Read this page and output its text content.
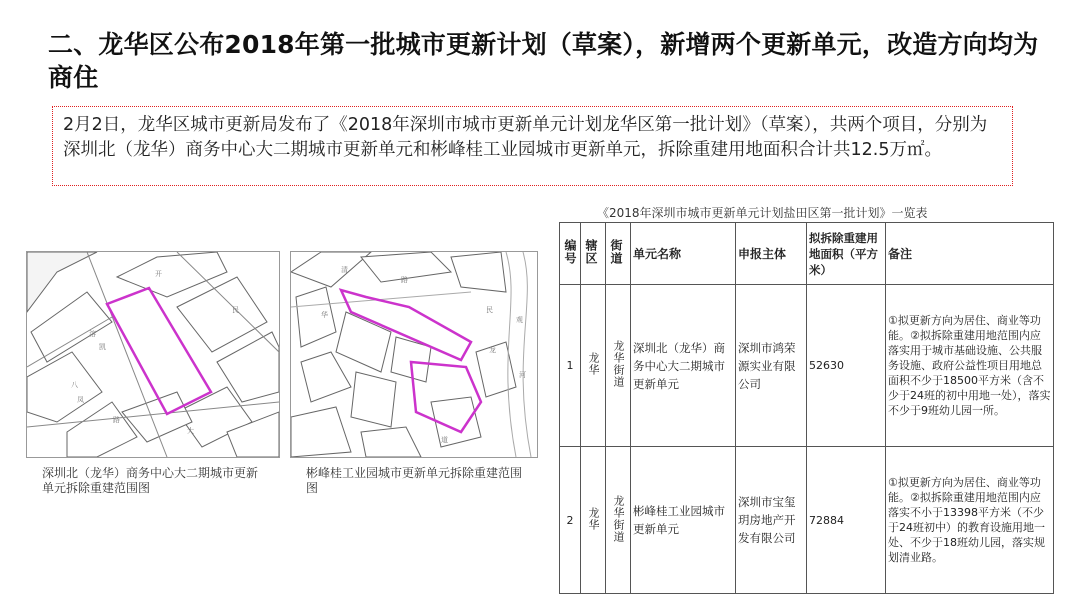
二、龙华区公布2018年第一批城市更新计划（草案），新增两个更新单元，改造方向均为商住
2月2日，龙华区城市更新局发布了《2018年深圳市城市更新单元计划龙华区第一批计划》（草案），共两个项目，分别为深圳北（龙华）商务中心大二期城市更新单元和彬峰桂工业园城市更新单元，拆除重建用地面积合计共12.5万㎡。
溶
凯
开
民
八
凤
路
大
深圳北（龙华）商务中心大二期城市更新单元拆除重建范围图
清
路
民
龙
观
河
华
道
彬峰桂工业园城市更新单元拆除重建范围图
《2018年深圳市城市更新单元计划盐田区第一批计划》一览表
编号	辖区	街道	单元名称	申报主体	拟拆除重建用地面积（平方米）	备注
1	龙华	龙华街道	深圳北（龙华）商务中心大二期城市更新单元	深圳市鸿荣源实业有限公司	52630	①拟更新方向为居住、商业等功能。②拟拆除重建用地范围内应落实用于城市基础设施、公共服务设施、政府公益性项目用地总面积不少于18500平方米（含不少于24班的初中用地一处），落实不少于9班幼儿园一所。
2	龙华	龙华街道	彬峰桂工业园城市更新单元	深圳市宝玺玥房地产开发有限公司	72884	①拟更新方向为居住、商业等功能。②拟拆除重建用地范围内应落实不小于13398平方米（不少于24班初中）的教育设施用地一处、不少于18班幼儿园，落实规划清业路。
